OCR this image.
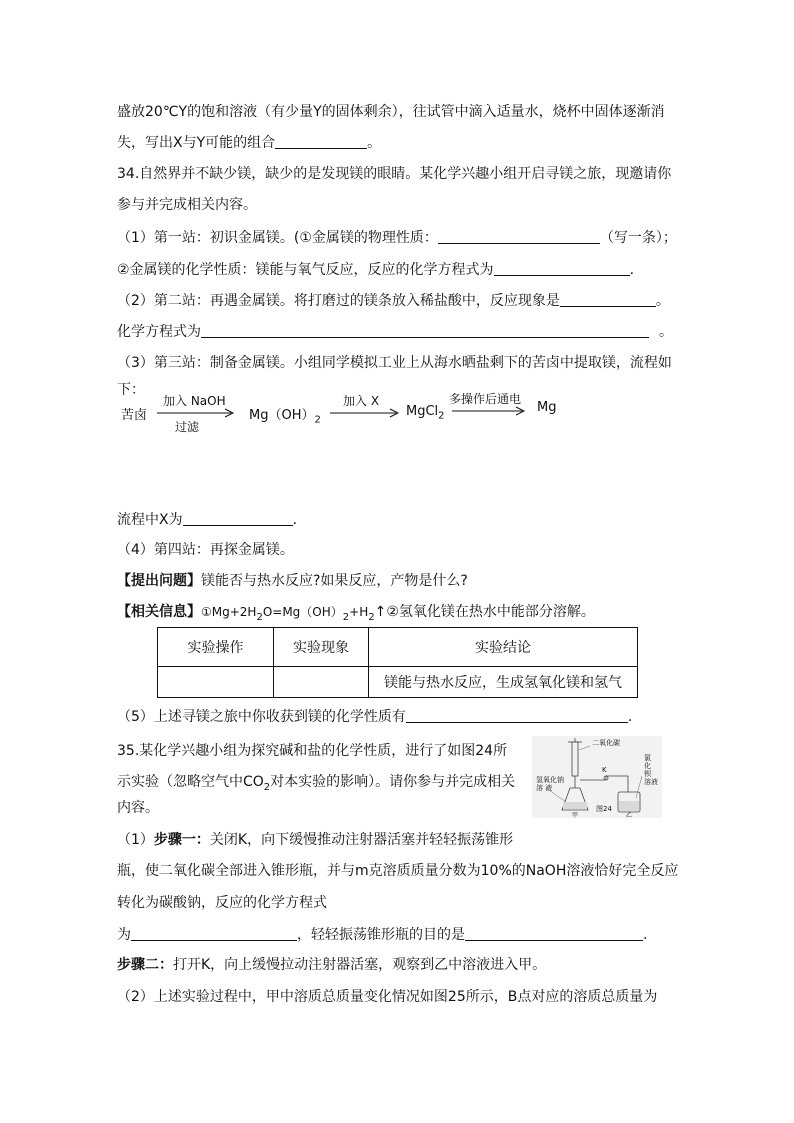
盛放20℃Y的饱和溶液（有少量Y的固体剩余），往试管中滴入适量水，烧杯中固体逐渐消
失，写出X与Y可能的组合	。
34.自然界并不缺少镁，缺少的是发现镁的眼睛。某化学兴趣小组开启寻镁之旅，现邀请你
参与并完成相关内容。
（1）第一站：初识金属镁。(①金属镁的物理性质：	（写一条）；
②金属镁的化学性质：镁能与氧气反应，反应的化学方程式为	.
（2）第二站：再遇金属镁。将打磨过的镁条放入稀盐酸中，反应现象是	。
化学方程式为	。
（3）第三站：制备金属镁。小组同学模拟工业上从海水晒盐剩下的苦卤中提取镁，流程如
下：
苦卤
加入 NaOH
过滤
$Mg(OH)_2$
加入 X
MgCl$_2$
多操作后通电
Mg
流程中X为	.
（4）第四站：再探金属镁。
【提出问题】镁能否与热水反应?如果反应，产物是什么?
【相关信息】$①Mg+2H_2O=Mg(OH)_2+H_2↑②$氢氧化镁在热水中能部分溶解。
实验操作	实验现象	实验结论
		镁能与热水反应，生成氢氧化镁和氢气
（5）上述寻镁之旅中你收获到镁的化学性质有	.
35.某化学兴趣小组为探究碱和盐的化学性质，进行了如图24所
示实验（忽略空气中$CO_2$对本实验的影响）。请你参与并完成相关
内容。
二氧化碳
K
氢氧化钠
溶 液
氯
化
钡
溶液
甲	乙
图24
（1）步骤一：关闭K，向下缓慢推动注射器活塞并轻轻振荡锥形
瓶，使二氧化碳全部进入锥形瓶，并与m克溶质质量分数为10%的NaOH溶液恰好完全反应
转化为碳酸钠，反应的化学方程式
为	，轻轻振荡锥形瓶的目的是	.
步骤二：打开K，向上缓慢拉动注射器活塞，观察到乙中溶液进入甲。
（2）上述实验过程中，甲中溶质总质量变化情况如图25所示，B点对应的溶质总质量为
